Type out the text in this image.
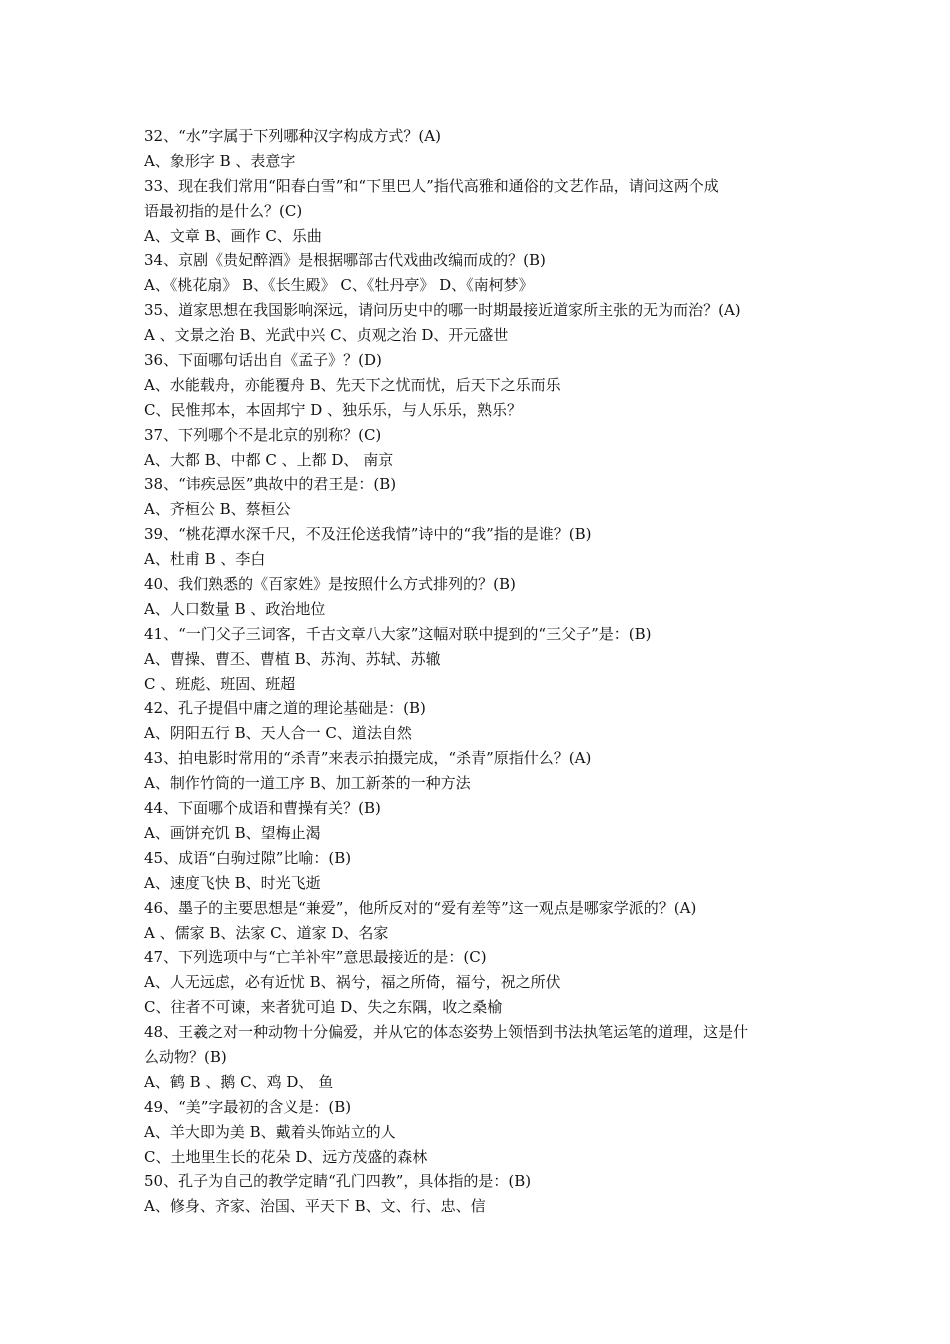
32、“水”字属于下列哪种汉字构成方式？(A)
A、象形字 B 、表意字
33、现在我们常用“阳春白雪”和“下里巴人”指代高雅和通俗的文艺作品，请问这两个成
语最初指的是什么？(C)
A、文章 B、画作 C、乐曲
34、京剧《贵妃醉酒》是根据哪部古代戏曲改编而成的？(B)
A、《桃花扇》 B、《长生殿》 C、《牡丹亭》 D、《南柯梦》
35、道家思想在我国影响深远，请问历史中的哪一时期最接近道家所主张的无为而治？(A)
A 、文景之治 B、光武中兴 C、贞观之治 D、开元盛世
36、下面哪句话出自《孟子》？(D)
A、水能载舟，亦能覆舟 B、先天下之忧而忧，后天下之乐而乐
C、民惟邦本，本固邦宁 D 、独乐乐，与人乐乐，熟乐？
37、下列哪个不是北京的别称？(C)
A、大都 B、中都 C 、上都 D、 南京
38、“讳疾忌医”典故中的君王是：(B)
A、齐桓公 B、蔡桓公
39、“桃花潭水深千尺，不及汪伦送我情”诗中的“我”指的是谁？(B)
A、杜甫 B 、李白
40、我们熟悉的《百家姓》是按照什么方式排列的？(B)
A、人口数量 B 、政治地位
41、“一门父子三词客，千古文章八大家”这幅对联中提到的“三父子”是：(B)
A、曹操、曹丕、曹植 B、苏洵、苏轼、苏辙
C 、班彪、班固、班超
42、孔子提倡中庸之道的理论基础是：(B)
A、阴阳五行 B、天人合一 C、道法自然
43、拍电影时常用的“杀青”来表示拍摄完成，“杀青”原指什么？(A)
A、制作竹筒的一道工序 B、加工新茶的一种方法
44、下面哪个成语和曹操有关？(B)
A、画饼充饥 B、望梅止渴
45、成语“白驹过隙”比喻：(B)
A、速度飞快 B、时光飞逝
46、墨子的主要思想是“兼爱”，他所反对的“爱有差等”这一观点是哪家学派的？(A)
A 、儒家 B、法家 C、道家 D、名家
47、下列选项中与“亡羊补牢”意思最接近的是：(C)
A、人无远虑，必有近忧 B、祸兮，福之所倚，福兮，祝之所伏
C、往者不可谏，来者犹可追 D、失之东隅，收之桑榆
48、王羲之对一种动物十分偏爱，并从它的体态姿势上领悟到书法执笔运笔的道理，这是什
么动物？(B)
A、鹤 B 、鹅 C、鸡 D、 鱼
49、“美”字最初的含义是：(B)
A、羊大即为美 B、戴着头饰站立的人
C、土地里生长的花朵 D、远方茂盛的森林
50、孔子为自己的教学定睛“孔门四教”，具体指的是：(B)
A、修身、齐家、治国、平天下 B、文、行、忠、信
